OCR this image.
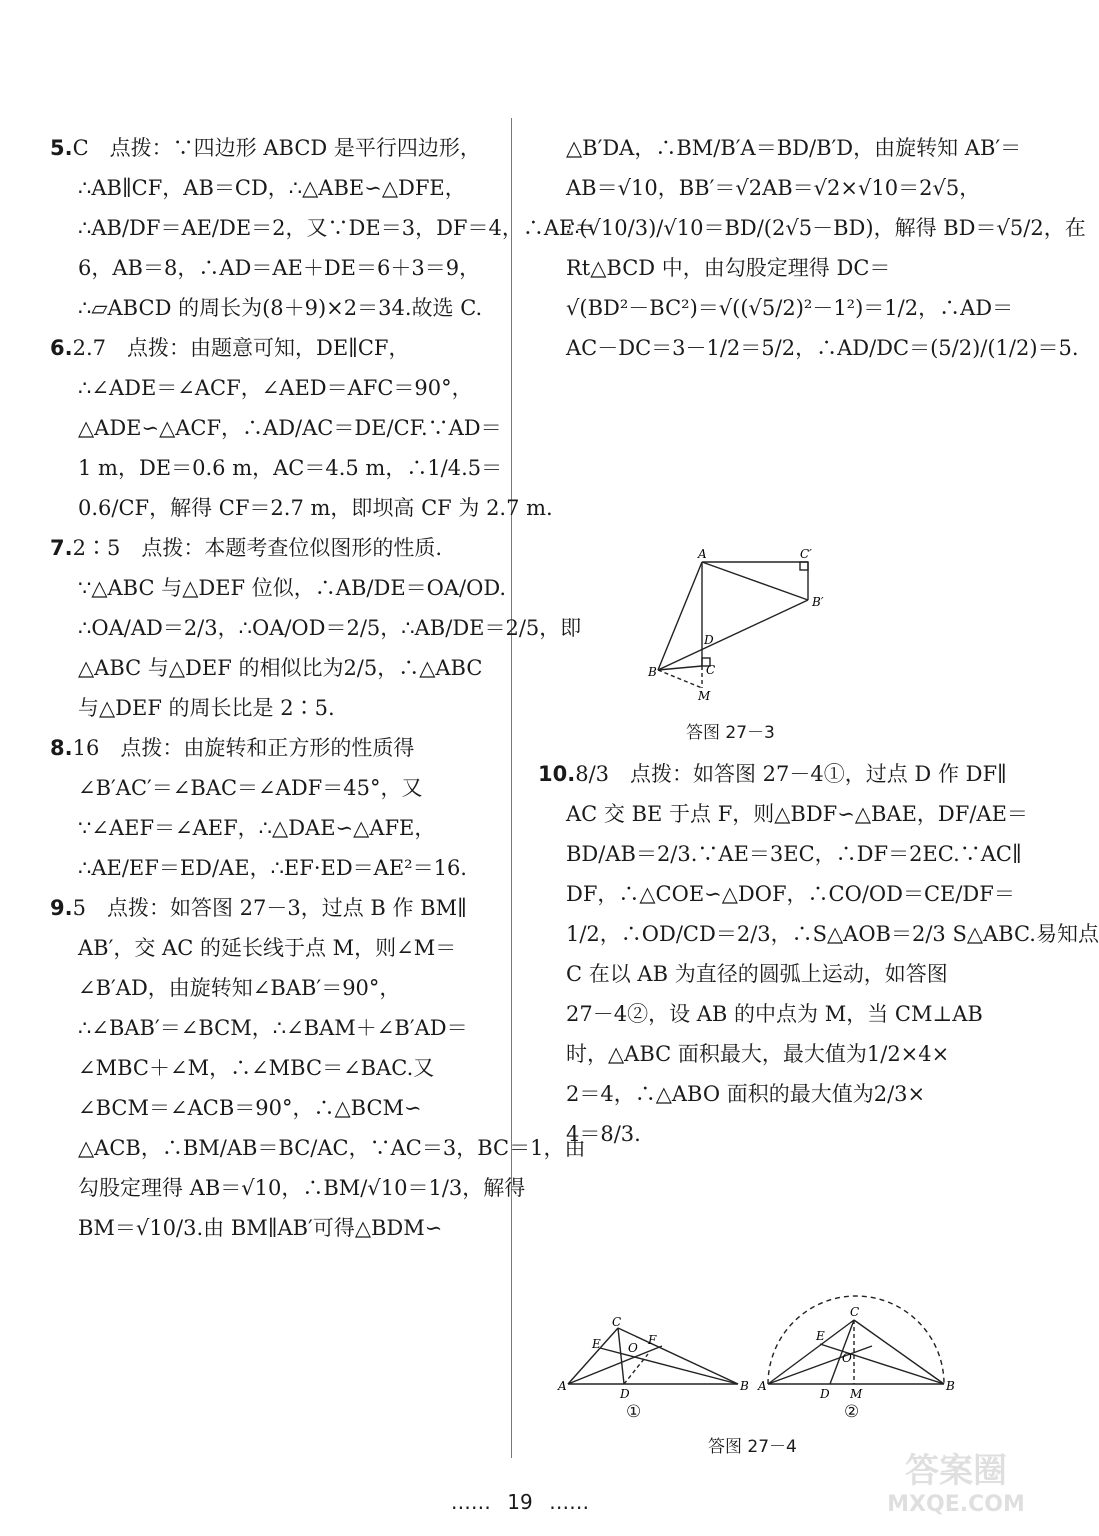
5.C　点拨：∵四边形 ABCD 是平行四边形，
∴AB∥CF，AB＝CD，∴△ABE∽△DFE，
∴AB/DF＝AE/DE＝2，又∵DE＝3，DF＝4，∴AE＝
6，AB＝8，∴AD＝AE＋DE＝6＋3＝9，
∴▱ABCD 的周长为(8＋9)×2＝34.故选 C.
6.2.7　点拨：由题意可知，DE∥CF，
∴∠ADE＝∠ACF，∠AED＝AFC＝90°，
△ADE∽△ACF，∴AD/AC＝DE/CF.∵AD＝
1 m，DE＝0.6 m，AC＝4.5 m，∴1/4.5＝
0.6/CF，解得 CF＝2.7 m，即坝高 CF 为 2.7 m.
7.2∶5　点拨：本题考查位似图形的性质.
∵△ABC 与△DEF 位似，∴AB/DE＝OA/OD.
∴OA/AD＝2/3，∴OA/OD＝2/5，∴AB/DE＝2/5，即
△ABC 与△DEF 的相似比为2/5，∴△ABC
与△DEF 的周长比是 2∶5.
8.16　点拨：由旋转和正方形的性质得
∠B′AC′＝∠BAC＝∠ADF＝45°，又
∵∠AEF＝∠AEF，∴△DAE∽△AFE，
∴AE/EF＝ED/AE，∴EF·ED＝AE²＝16.
9.5　点拨：如答图 27－3，过点 B 作 BM∥
AB′，交 AC 的延长线于点 M，则∠M＝
∠B′AD，由旋转知∠BAB′＝90°，
∴∠BAB′＝∠BCM，∴∠BAM＋∠B′AD＝
∠MBC＋∠M，∴∠MBC＝∠BAC.又
∠BCM＝∠ACB＝90°，∴△BCM∽
△ACB，∴BM/AB＝BC/AC，∵AC＝3，BC＝1，由
勾股定理得 AB＝√10，∴BM/√10＝1/3，解得
BM＝√10/3.由 BM∥AB′可得△BDM∽
△B′DA，∴BM/B′A＝BD/B′D，由旋转知 AB′＝
AB＝√10，BB′＝√2AB＝√2×√10＝2√5，
∴(√10/3)/√10＝BD/(2√5－BD)，解得 BD＝√5/2，在
Rt△BCD 中，由勾股定理得 DC＝
√(BD²－BC²)＝√((√5/2)²－1²)＝1/2，∴AD＝
AC－DC＝3－1/2＝5/2，∴AD/DC＝(5/2)/(1/2)＝5.
A	C′
B′
D
C
B
M
答图 27－3
10.8/3　点拨：如答图 27－4①，过点 D 作 DF∥
AC 交 BE 于点 F，则△BDF∽△BAE，DF/AE＝
BD/AB＝2/3.∵AE＝3EC，∴DF＝2EC.∵AC∥
DF，∴△COE∽△DOF，∴CO/OD＝CE/DF＝
1/2，∴OD/CD＝2/3，∴S△AOB＝2/3 S△ABC.易知点
C 在以 AB 为直径的圆弧上运动，如答图
27－4②，设 AB 的中点为 M，当 CM⊥AB
时，△ABC 面积最大，最大值为1/2×4×
2＝4，∴△ABO 面积的最大值为2/3×
4＝8/3.
C
E O
F
A
D
B
C
E
O
A
D M
B
①	②
答图 27－4
…… 19 ……
答案圈
MXQE.COM
